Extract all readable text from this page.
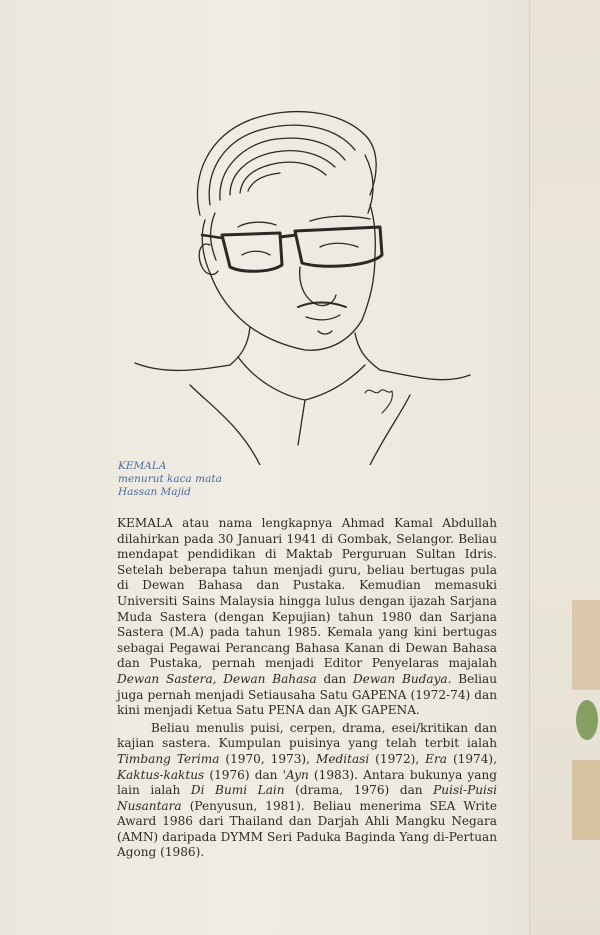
KEMALA
menurut kaca mata
Hassan Majid

KEMALA atau nama lengkapnya Ahmad Kamal Abdullah dilahirkan pada 30 Januari 1941 di Gombak, Selangor. Beliau mendapat pendidikan di Maktab Perguruan Sultan Idris. Setelah beberapa tahun menjadi guru, beliau bertugas pula di Dewan Bahasa dan Pustaka. Kemudian memasuki Universiti Sains Malaysia hingga lulus dengan ijazah Sarjana Muda Sastera (dengan Kepujian) tahun 1980 dan Sarjana Sastera (M.A) pada tahun 1985. Kemala yang kini bertugas sebagai Pegawai Perancang Bahasa Kanan di Dewan Bahasa dan Pustaka, pernah menjadi Editor Penyelaras majalah Dewan Sastera, Dewan Bahasa dan Dewan Budaya. Beliau juga pernah menjadi Setiausaha Satu GAPENA (1972-74) dan kini menjadi Ketua Satu PENA dan AJK GAPENA.

Beliau menulis puisi, cerpen, drama, esei/kritikan dan kajian sastera. Kumpulan puisinya yang telah terbit ialah Timbang Terima (1970, 1973), Meditasi (1972), Era (1974), Kaktus-kaktus (1976) dan 'Ayn (1983). Antara bukunya yang lain ialah Di Bumi Lain (drama, 1976) dan Puisi-Puisi Nusantara (Penyusun, 1981). Beliau menerima SEA Write Award 1986 dari Thailand dan Darjah Ahli Mangku Negara (AMN) daripada DYMM Seri Paduka Baginda Yang di-Pertuan Agong (1986).
